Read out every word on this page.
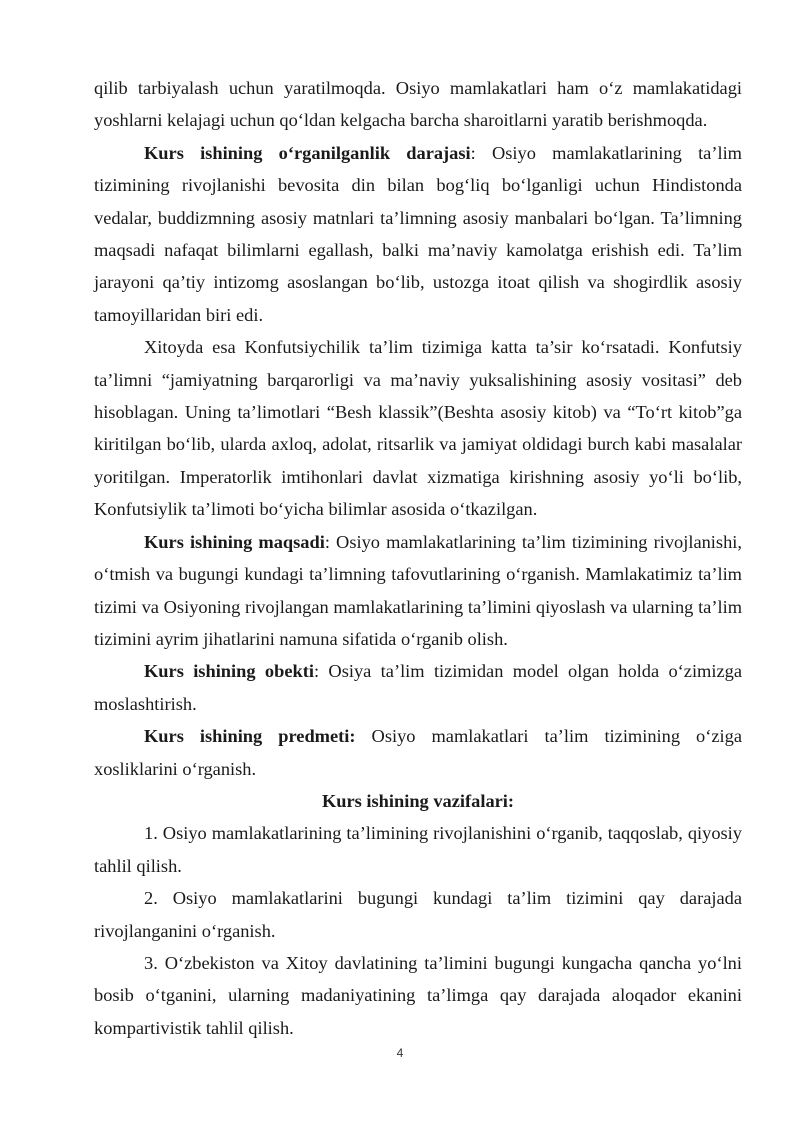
qilib tarbiyalash uchun yaratilmoqda. Osiyo mamlakatlari ham o‘z mamlakatidagi yoshlarni kelajagi uchun qo‘ldan kelgacha barcha sharoitlarni yaratib berishmoqda.

Kurs ishining o‘rganilganlik darajasi: Osiyo mamlakatlarining ta’lim tizimining rivojlanishi bevosita din bilan bog‘liq bo‘lganligi uchun Hindistonda vedalar, buddizmning asosiy matnlari ta’limning asosiy manbalari bo‘lgan. Ta’limning maqsadi nafaqat bilimlarni egallash, balki ma’naviy kamolatga erishish edi. Ta’lim jarayoni qa’tiy intizomg asoslangan bo‘lib, ustozga itoat qilish va shogirdlik asosiy tamoyillaridan biri edi.

Xitoyda esa Konfutsiychilik ta’lim tizimiga katta ta’sir ko‘rsatadi. Konfutsiy ta’limni “jamiyatning barqarorligi va ma’naviy yuksalishining asosiy vositasi” deb hisoblagan. Uning ta’limotlari “Besh klassik”(Beshta asosiy kitob) va “To‘rt kitob”ga kiritilgan bo‘lib, ularda axloq, adolat, ritsarlik va jamiyat oldidagi burch kabi masalalar yoritilgan. Imperatorlik imtihonlari davlat xizmatiga kirishning asosiy yo‘li bo‘lib, Konfutsiylik ta’limoti bo‘yicha bilimlar asosida o‘tkazilgan.

Kurs ishining maqsadi: Osiyo mamlakatlarining ta’lim tizimining rivojlanishi, o‘tmish va bugungi kundagi ta’limning tafovutlarining o‘rganish. Mamlakatimiz ta’lim tizimi va Osiyoning rivojlangan mamlakatlarining ta’limini qiyoslash va ularning ta’lim tizimini ayrim jihatlarini namuna sifatida o‘rganib olish.

Kurs ishining obekti: Osiya ta’lim tizimidan model olgan holda o‘zimizga moslashtirish.

Kurs ishining predmeti: Osiyo mamlakatlari ta’lim tizimining o‘ziga xosliklarini o‘rganish.

Kurs ishining vazifalari:

1. Osiyo mamlakatlarining ta’limining rivojlanishini o‘rganib, taqqoslab, qiyosiy tahlil qilish.

2. Osiyo mamlakatlarini bugungi kundagi ta’lim tizimini qay darajada rivojlanganini o‘rganish.

3. O‘zbekiston va Xitoy davlatining ta’limini bugungi kungacha qancha yo‘lni bosib o‘tganini, ularning madaniyatining ta’limga qay darajada aloqador ekanini kompartivistik tahlil qilish.

4
